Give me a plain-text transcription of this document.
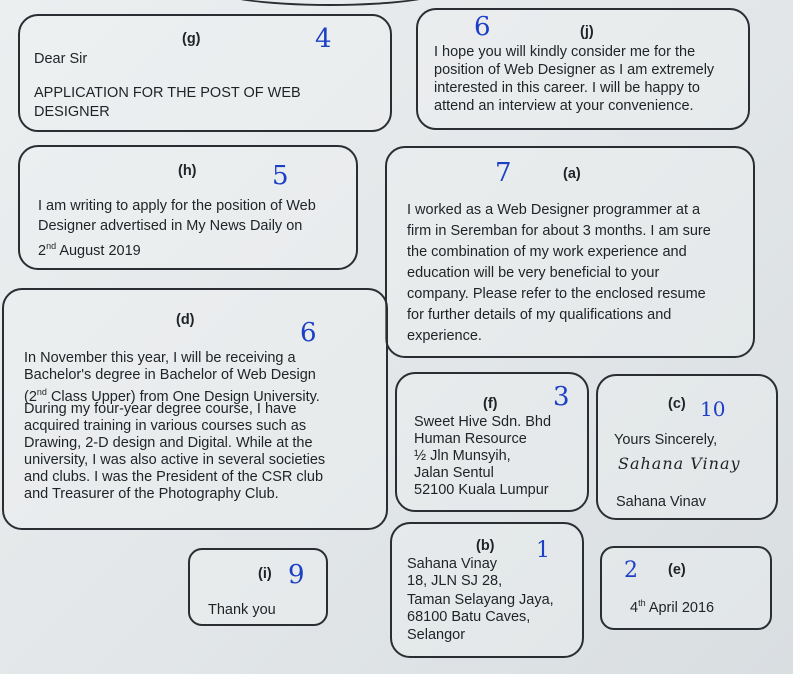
(g)	4
Dear Sir
APPLICATION FOR THE POST OF WEB
DESIGNER
(j)
6
I hope you will kindly consider me for the
position of Web Designer as I am extremely
interested in this career. I will be happy to
attend an interview at your convenience.
(h)	5
I am writing to apply for the position of Web
Designer advertised in My News Daily on
2nd August 2019
(a)
7
I worked as a Web Designer programmer at a
firm in Seremban for about 3 months. I am sure
the combination of my work experience and
education will be very beneficial to your
company. Please refer to the enclosed resume
for further details of my qualifications and
experience.
(d)	6
In November this year, I will be receiving a
Bachelor's degree in Bachelor of Web Design
(2nd Class Upper) from One Design University.
During my four-year degree course, I have
acquired training in various courses such as
Drawing, 2-D design and Digital. While at the
university, I was also active in several societies
and clubs. I was the President of the CSR club
and Treasurer of the Photography Club.
(f) 3
Sweet Hive Sdn. Bhd
Human Resource
½ Jln Munsyih,
Jalan Sentul
52100 Kuala Lumpur
(c) 10
Yours Sincerely,
Sahana Vinay
Sahana Vinav
(i) 9
Thank you
(b) 1
Sahana Vinay
18, JLN SJ 28,
Taman Selayang Jaya,
68100 Batu Caves,
Selangor
(e)
2
4th April 2016
